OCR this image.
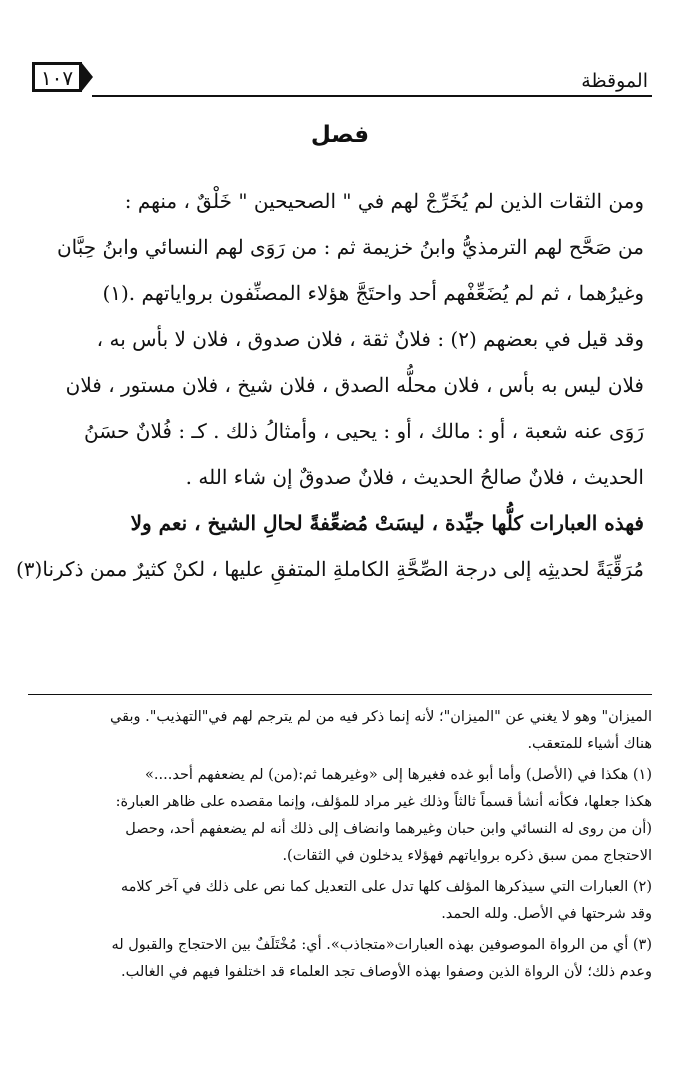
الموقظة
١٠٧
فصل
ومن الثقات الذين لم يُخَرِّجْ لهم في " الصحيحين " خَلْقٌ ، منهم :
من صَحَّح لهم الترمذيُّ وابنُ خزيمة ثم : من رَوَى لهم النسائي وابنُ حِبَّان
وغيرُهما ، ثم لم يُضَعِّفْهم أحد واحتَجَّ هؤلاء المصنِّفون برواياتهم .(١)
وقد قيل في بعضهم (٢) : فلانٌ ثقة ، فلان صدوق ، فلان لا بأس به ،
فلان ليس به بأس ، فلان محلُّه الصدق ، فلان شيخ ، فلان مستور ، فلان
رَوَى عنه شعبة ، أو : مالك ، أو : يحيى ، وأمثالُ ذلك . كـ : فُلانٌ حسَنُ
الحديث ، فلانٌ صالحُ الحديث ، فلانٌ صدوقٌ إن شاء الله .
فهذه العبارات كلُّها جيِّدة ، ليسَتْ مُضعِّفةً لحالِ الشيخ ، نعم ولا
مُرَقِّيَةً لحديثِه إلى درجة الصِّحَّةِ الكاملةِ المتفقِ عليها ، لكنْ كثيرٌ ممن ذكرنا(٣)
الميزان" وهو لا يغني عن "الميزان"؛ لأنه إنما ذكر فيه من لم يترجم لهم في"التهذيب". وبقي
هناك أشياء للمتعقب.
(١) هكذا في (الأصل) وأما أبو غده فغيرها إلى «وغيرهما ثم:(من) لم يضعفهم أحد....»
هكذا جعلها، فكأنه أنشأ قسماً ثالثاً وذلك غير مراد للمؤلف، وإنما مقصده على ظاهر العبارة:
(أن من روى له النسائي وابن حبان وغيرهما وانضاف إلى ذلك أنه لم يضعفهم أحد، وحصل
الاحتجاج ممن سبق ذكره برواياتهم فهؤلاء يدخلون في الثقات).
(٢) العبارات التي سيذكرها المؤلف كلها تدل على التعديل كما نص على ذلك في آخر كلامه
وقد شرحتها في الأصل. ولله الحمد.
(٣) أي من الرواة الموصوفين بهذه العبارات«متجاذب». أي: مُخْتَلَفٌ بين الاحتجاج والقبول له
وعدم ذلك؛ لأن الرواة الذين وصفوا بهذه الأوصاف تجد العلماء قد اختلفوا فيهم في الغالب.
